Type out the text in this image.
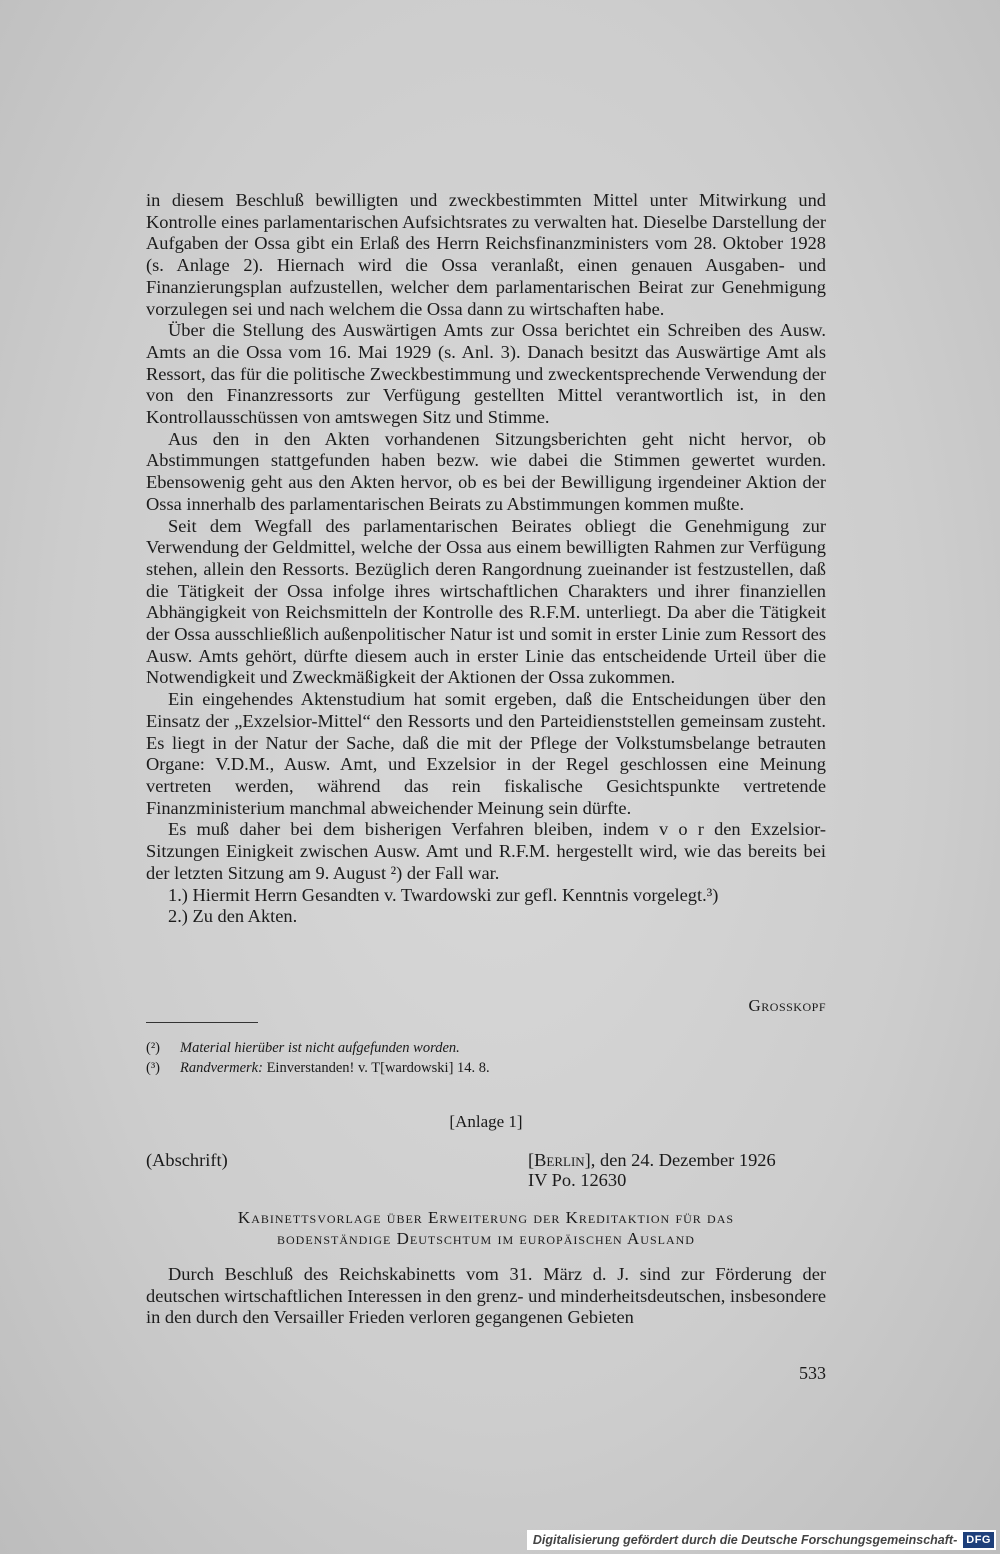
in diesem Beschluß bewilligten und zweckbestimmten Mittel unter Mitwirkung und Kontrolle eines parlamentarischen Aufsichtsrates zu verwalten hat. Dieselbe Darstellung der Aufgaben der Ossa gibt ein Erlaß des Herrn Reichsfinanzministers vom 28. Oktober 1928 (s. Anlage 2). Hiernach wird die Ossa veranlaßt, einen genauen Ausgaben- und Finanzierungsplan aufzustellen, welcher dem parlamentarischen Beirat zur Genehmigung vorzulegen sei und nach welchem die Ossa dann zu wirtschaften habe.

Über die Stellung des Auswärtigen Amts zur Ossa berichtet ein Schreiben des Ausw. Amts an die Ossa vom 16. Mai 1929 (s. Anl. 3). Danach besitzt das Auswärtige Amt als Ressort, das für die politische Zweckbestimmung und zweckentsprechende Verwendung der von den Finanzressorts zur Verfügung gestellten Mittel verantwortlich ist, in den Kontrollausschüssen von amtswegen Sitz und Stimme.

Aus den in den Akten vorhandenen Sitzungsberichten geht nicht hervor, ob Abstimmungen stattgefunden haben bezw. wie dabei die Stimmen gewertet wurden. Ebensowenig geht aus den Akten hervor, ob es bei der Bewilligung irgendeiner Aktion der Ossa innerhalb des parlamentarischen Beirats zu Abstimmungen kommen mußte.

Seit dem Wegfall des parlamentarischen Beirates obliegt die Genehmigung zur Verwendung der Geldmittel, welche der Ossa aus einem bewilligten Rahmen zur Verfügung stehen, allein den Ressorts. Bezüglich deren Rangordnung zueinander ist festzustellen, daß die Tätigkeit der Ossa infolge ihres wirtschaftlichen Charakters und ihrer finanziellen Abhängigkeit von Reichsmitteln der Kontrolle des R.F.M. unterliegt. Da aber die Tätigkeit der Ossa ausschließlich außenpolitischer Natur ist und somit in erster Linie zum Ressort des Ausw. Amts gehört, dürfte diesem auch in erster Linie das entscheidende Urteil über die Notwendigkeit und Zweckmäßigkeit der Aktionen der Ossa zukommen.

Ein eingehendes Aktenstudium hat somit ergeben, daß die Entscheidungen über den Einsatz der „Exzelsior-Mittel“ den Ressorts und den Parteidienststellen gemeinsam zusteht. Es liegt in der Natur der Sache, daß die mit der Pflege der Volkstumsbelange betrauten Organe: V.D.M., Ausw. Amt, und Exzelsior in der Regel geschlossen eine Meinung vertreten werden, während das rein fiskalische Gesichtspunkte vertretende Finanzministerium manchmal abweichender Meinung sein dürfte.

Es muß daher bei dem bisherigen Verfahren bleiben, indem v o r den Exzelsior-Sitzungen Einigkeit zwischen Ausw. Amt und R.F.M. hergestellt wird, wie das bereits bei der letzten Sitzung am 9. August ²) der Fall war.

1.) Hiermit Herrn Gesandten v. Twardowski zur gefl. Kenntnis vorgelegt.³)

2.) Zu den Akten.

Grosskopf
(²) Material hierüber ist nicht aufgefunden worden.
(³) Randvermerk: Einverstanden! v. T[wardowski] 14. 8.
[Anlage 1]
(Abschrift)	[Berlin], den 24. Dezember 1926
IV Po. 12630
Kabinettsvorlage über Erweiterung der Kreditaktion für das
bodenständige Deutschtum im europäischen Ausland

Durch Beschluß des Reichskabinetts vom 31. März d. J. sind zur Förderung der deutschen wirtschaftlichen Interessen in den grenz- und minderheitsdeutschen, insbesondere in den durch den Versailler Frieden verloren gegangenen Gebieten

533
Digitalisierung gefördert durch die Deutsche Forschungsgemeinschaft - DFG
